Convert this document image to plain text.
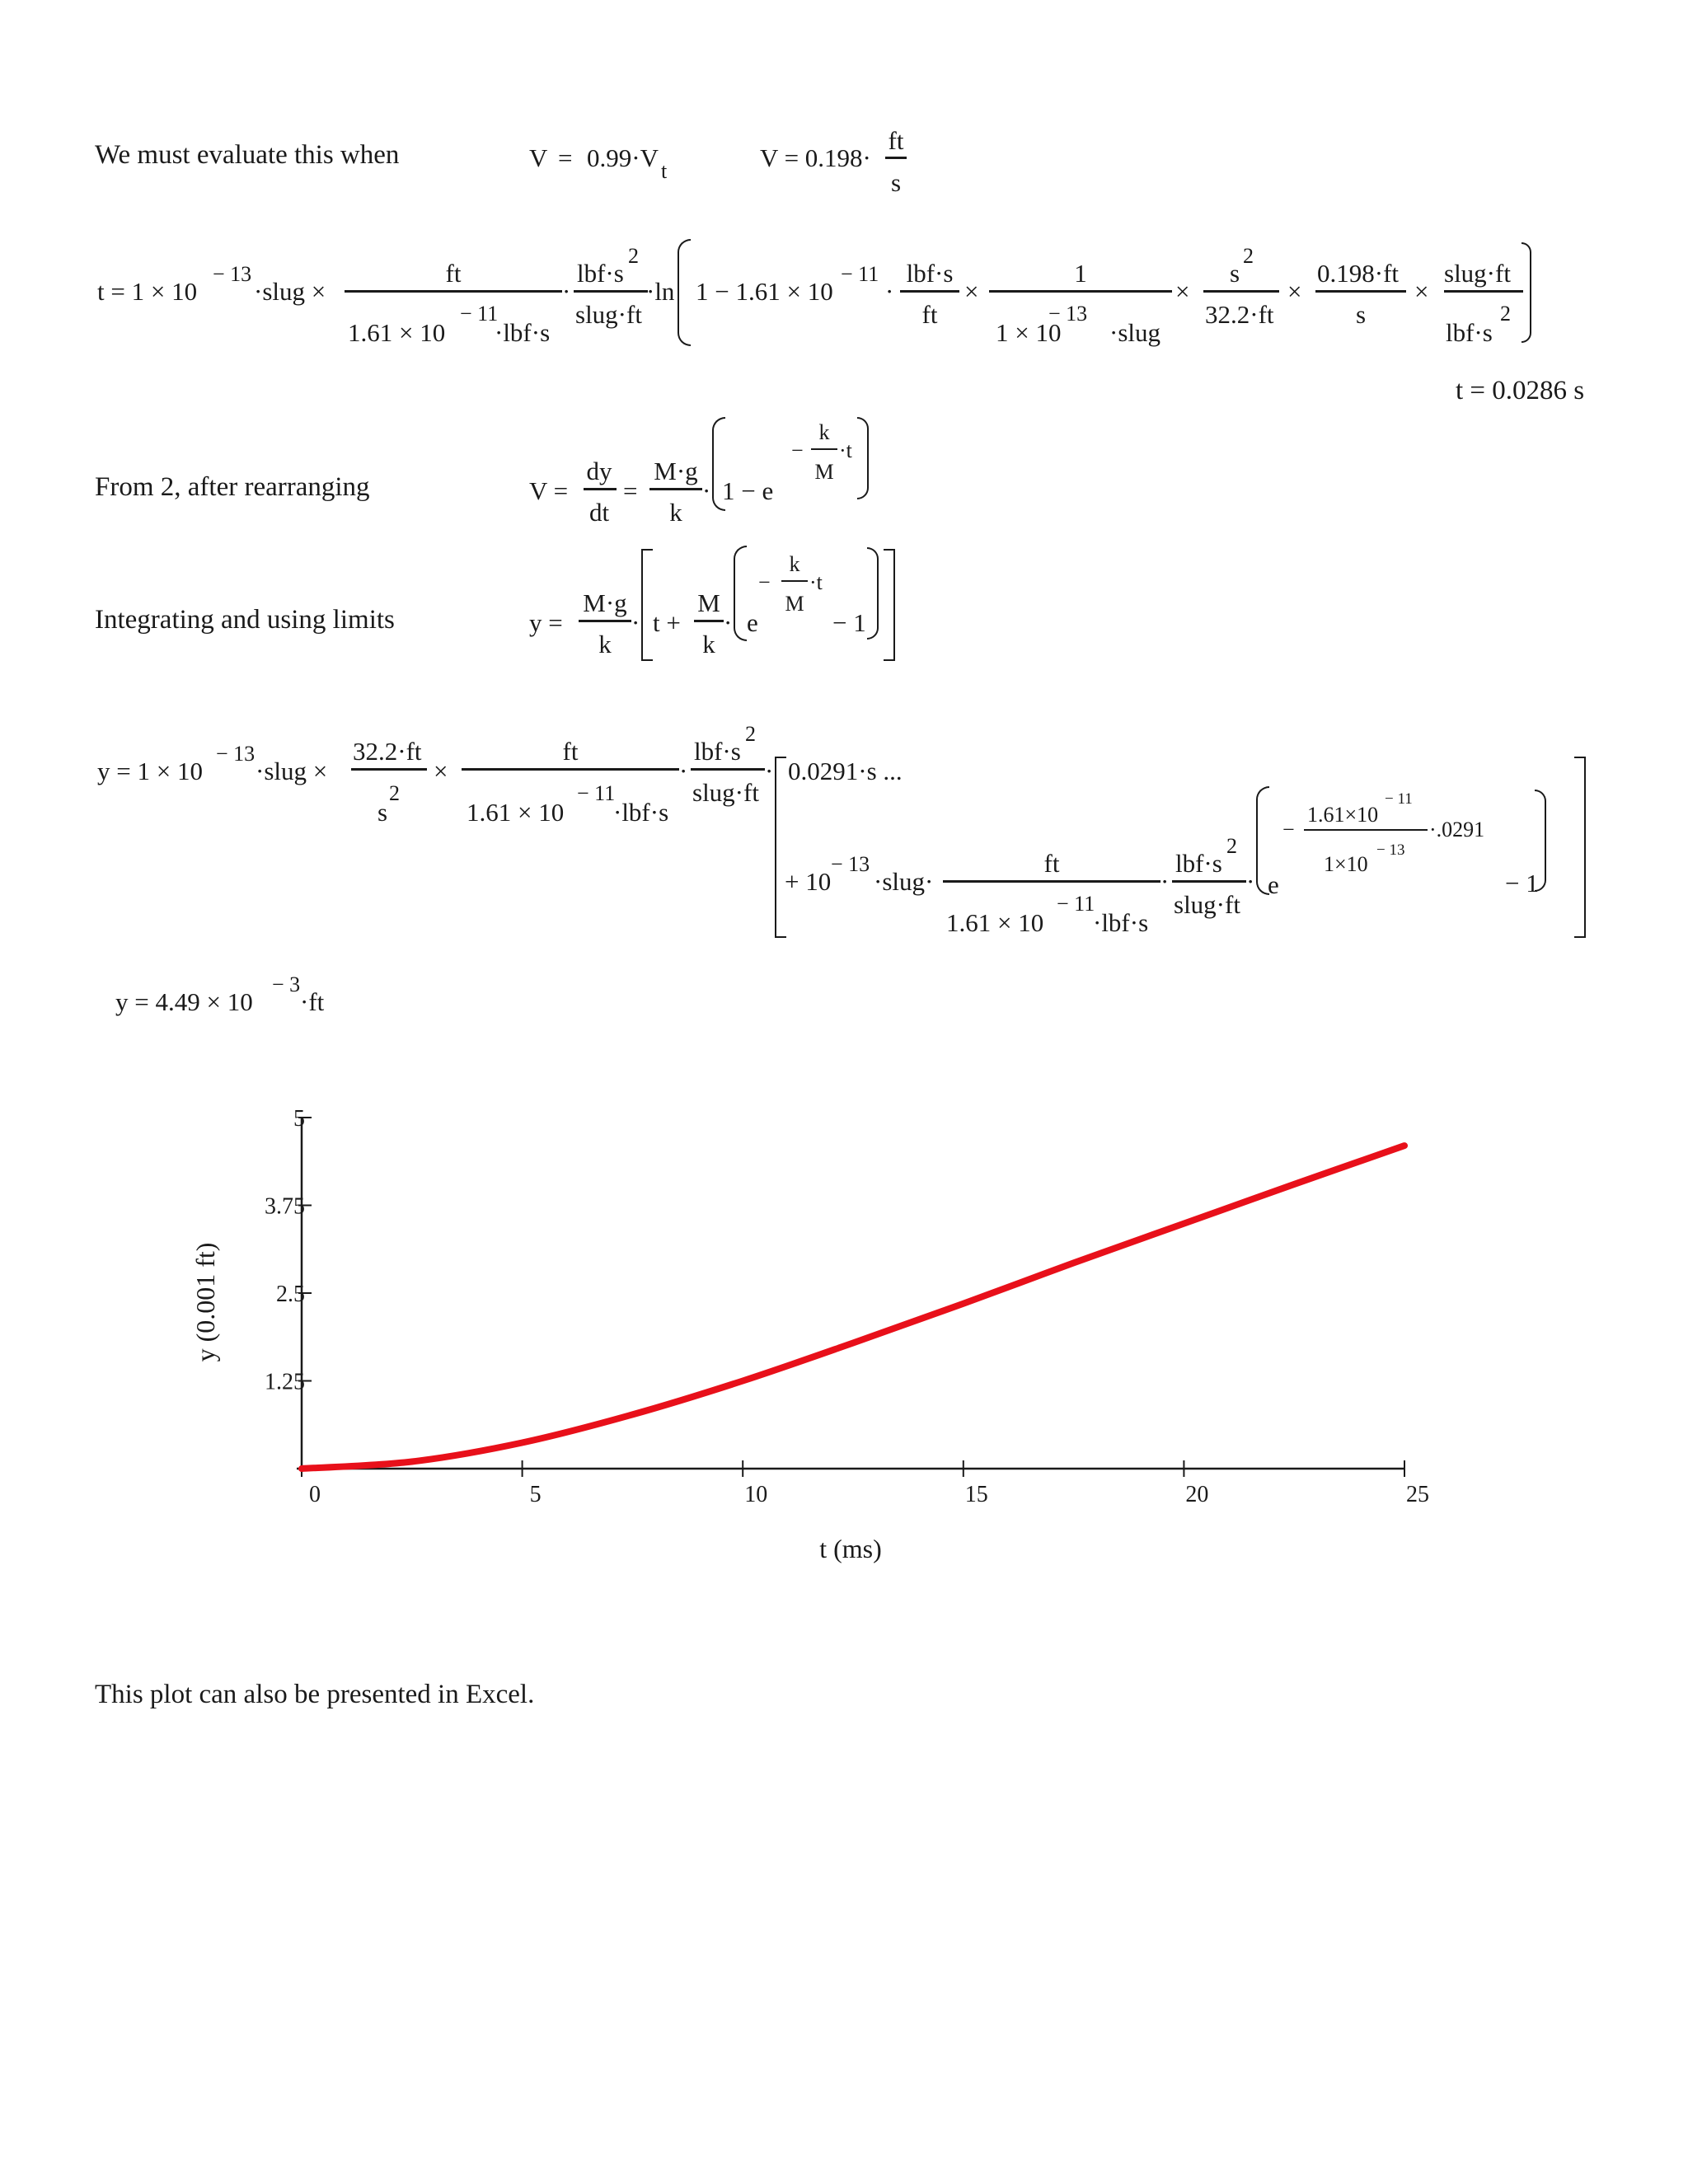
We must evaluate this when	V = 0.99·V t	V = 0.198·
ft
s
t = 1 × 10
− 13
·slug ×
ft
1.61 × 10
− 11
·lbf·s
·
lbf·s
2
slug·ft
·ln 1 − 1.61 × 10
− 11
·
lbf·s
ft
×
1
1 × 10
− 13
·slug
×
s
2
32.2·ft
×
0.198·ft
s
×
slug·ft
lbf·s
2
t = 0.0286 s
From 2, after rearranging	V =
dy
dt
=
M·g
k
· 1 − e
−
k
M
·t
Integrating and using limits	y =
M·g
k
· t +
M
k
· e
−
k
M
·t
− 1
y = 1 × 10
− 13
·slug ×
32.2·ft
s
2
×
ft
1.61 × 10
− 11
·lbf·s
·
lbf·s
2
slug·ft
· 0.0291·s ...
+ 10
− 13
·slug·
ft
1.61 × 10
− 11
·lbf·s
·
lbf·s
2
slug·ft
· e
−
1.61×10
− 11
1×10
− 13
·.0291
− 1
y = 4.49 × 10
− 3
·ft
0	5	10	15	20	25
1.25
2.5
3.75
5
t (ms)
y (0.001 ft)
This plot can also be presented in Excel.
